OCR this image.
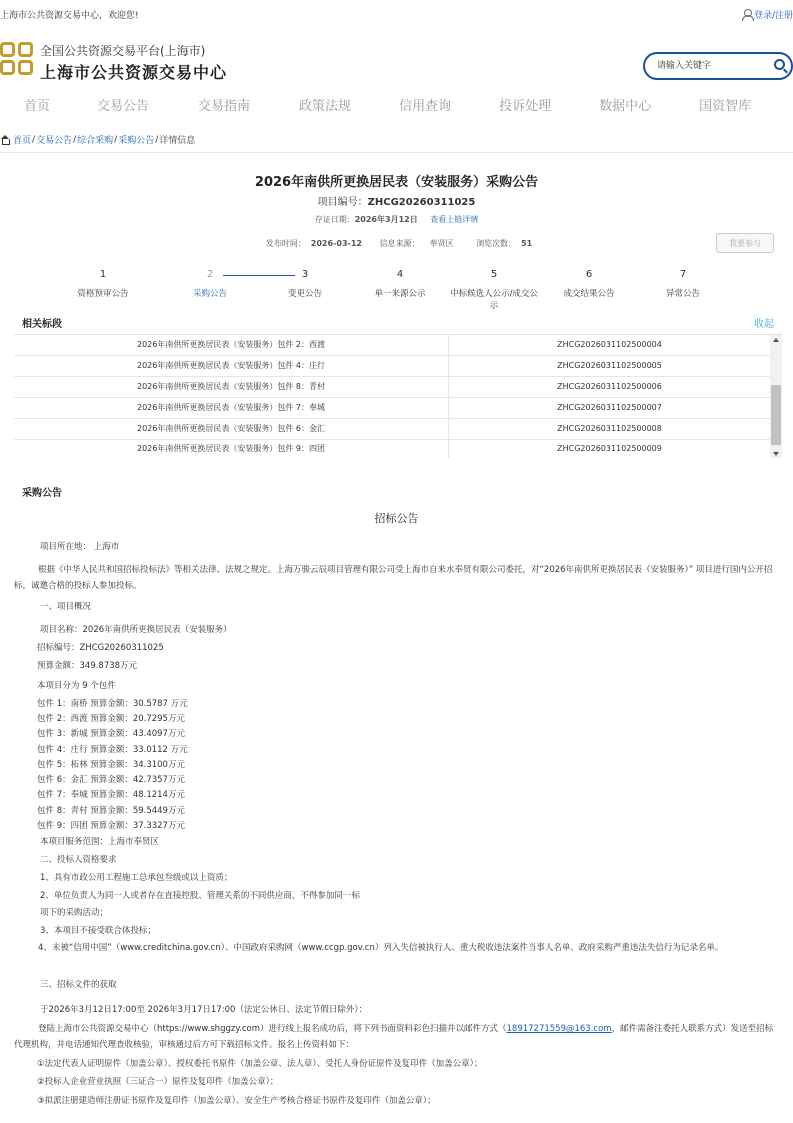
上海市公共资源交易中心，欢迎您!	登录/注册
全国公共资源交易平台(上海市)
上海市公共资源交易中心
请输入关键字
首页	交易公告	交易指南	政策法规	信用查询	投诉处理	数据中心	国资智库
首页 / 交易公告 / 综合采购 / 采购公告 / 详情信息
2026年南供所更换居民表（安装服务）采购公告
项目编号：ZHCG20260311025
存证日期：2026年3月12日 查看上链详情
发布时间： 2026-03-12 信息来源： 奉贤区	浏览次数： 51	我要参与
1
资格预审公告
2
采购公告
3
变更公告
4
单一来源公示
5
中标候选人公示/成交公示
6
成交结果公告
7
异常公告
相关标段	收起
2026年南供所更换居民表（安装服务）包件 2：西渡	ZHCG2026031102500004
2026年南供所更换居民表（安装服务）包件 4：庄行	ZHCG2026031102500005
2026年南供所更换居民表（安装服务）包件 8：青村	ZHCG2026031102500006
2026年南供所更换居民表（安装服务）包件 7：奉城	ZHCG2026031102500007
2026年南供所更换居民表（安装服务）包件 6：金汇	ZHCG2026031102500008
2026年南供所更换居民表（安装服务）包件 9：四团	ZHCG2026031102500009
采购公告
招标公告
项目所在地： 上海市
根据《中华人民共和国招标投标法》等相关法律、法规之规定。上海万骏云辰项目管理有限公司受上海市自来水奉贤有限公司委托，对“2026年南供所更换居民表（安装服务）” 项目进行国内公开招标，诚邀合格的投标人参加投标。
一、项目概况
项目名称：2026年南供所更换居民表（安装服务）
招标编号：ZHCG20260311025
预算金额：349.8738万元
本项目分为 9 个包件
包件 1：南桥 预算金额：30.5787 万元
包件 2：西渡 预算金额：20.7295万元
包件 3：新城 预算金额：43.4097万元
包件 4：庄行 预算金额：33.0112 万元
包件 5：柘林 预算金额：34.3100万元
包件 6：金汇 预算金额：42.7357万元
包件 7：奉城 预算金额：48.1214万元
包件 8：青村 预算金额：59.5449万元
包件 9：四团 预算金额：37.3327万元
本项目服务范围：上海市奉贤区
二、投标人资格要求
1、具有市政公用工程施工总承包叁级或以上资质；
2、单位负责人为同一人或者存在直接控股、管理关系的不同供应商，不得参加同一标
项下的采购活动；
3、本项目不接受联合体投标；
4、未被“信用中国”（www.creditchina.gov.cn）、中国政府采购网（www.ccgp.gov.cn）列入失信被执行人、重大税收违法案件当事人名单、政府采购严重违法失信行为记录名单。
三、招标文件的获取
于2026年3月12日17:00至 2026年3月17日17:00（法定公休日、法定节假日除外）：
登陆上海市公共资源交易中心（https://www.shggzy.com）进行线上报名成功后，将下列书面资料彩色扫描并以邮件方式（18917271559@163.com，邮件需备注委托人联系方式）发送至招标代理机构，并电话通知代理查收核验，审核通过后方可下载招标文件。报名上传资料如下：
①法定代表人证明原件（加盖公章）、授权委托书原件（加盖公章、法人章）、受托人身份证原件及复印件（加盖公章）；
②投标人企业营业执照（三证合一）原件及复印件（加盖公章）；
③拟派注册建造师注册证书原件及复印件（加盖公章）、安全生产考核合格证书原件及复印件（加盖公章）；
